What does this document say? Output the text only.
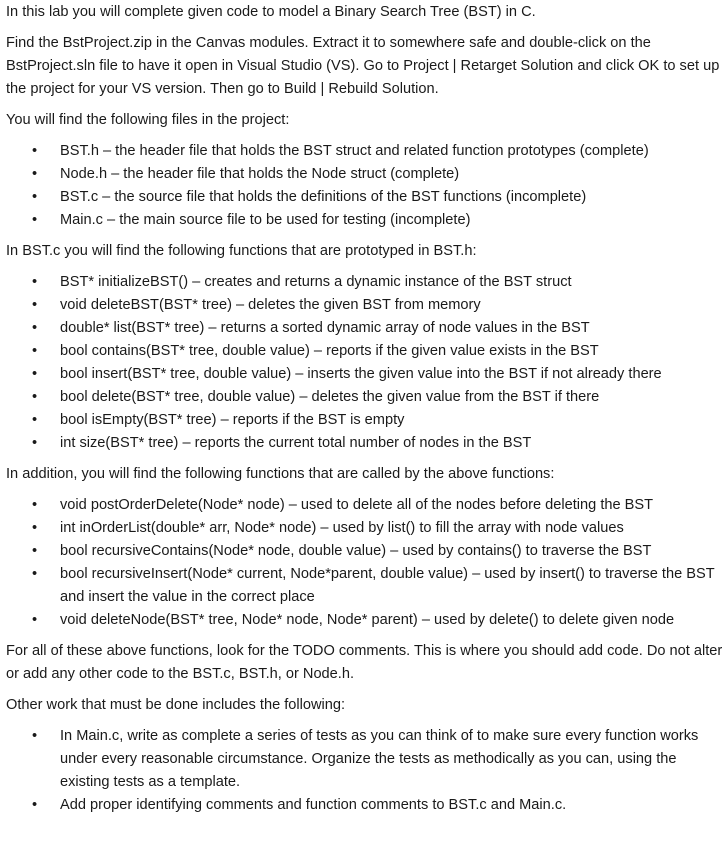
In this lab you will complete given code to model a Binary Search Tree (BST) in C.

Find the BstProject.zip in the Canvas modules. Extract it to somewhere safe and double-click on the BstProject.sln file to have it open in Visual Studio (VS). Go to Project | Retarget Solution and click OK to set up the project for your VS version. Then go to Build | Rebuild Solution.

You will find the following files in the project:

• BST.h – the header file that holds the BST struct and related function prototypes (complete)
• Node.h – the header file that holds the Node struct (complete)
• BST.c – the source file that holds the definitions of the BST functions (incomplete)
• Main.c – the main source file to be used for testing (incomplete)

In BST.c you will find the following functions that are prototyped in BST.h:

• BST* initializeBST() – creates and returns a dynamic instance of the BST struct
• void deleteBST(BST* tree) – deletes the given BST from memory
• double* list(BST* tree) – returns a sorted dynamic array of node values in the BST
• bool contains(BST* tree, double value) – reports if the given value exists in the BST
• bool insert(BST* tree, double value) – inserts the given value into the BST if not already there
• bool delete(BST* tree, double value) – deletes the given value from the BST if there
• bool isEmpty(BST* tree) – reports if the BST is empty
• int size(BST* tree) – reports the current total number of nodes in the BST

In addition, you will find the following functions that are called by the above functions:

• void postOrderDelete(Node* node) – used to delete all of the nodes before deleting the BST
• int inOrderList(double* arr, Node* node) – used by list() to fill the array with node values
• bool recursiveContains(Node* node, double value) – used by contains() to traverse the BST
• bool recursiveInsert(Node* current, Node*parent, double value) – used by insert() to traverse the BST and insert the value in the correct place
• void deleteNode(BST* tree, Node* node, Node* parent) – used by delete() to delete given node

For all of these above functions, look for the TODO comments. This is where you should add code. Do not alter or add any other code to the BST.c, BST.h, or Node.h.

Other work that must be done includes the following:

• In Main.c, write as complete a series of tests as you can think of to make sure every function works under every reasonable circumstance. Organize the tests as methodically as you can, using the existing tests as a template.
• Add proper identifying comments and function comments to BST.c and Main.c.
